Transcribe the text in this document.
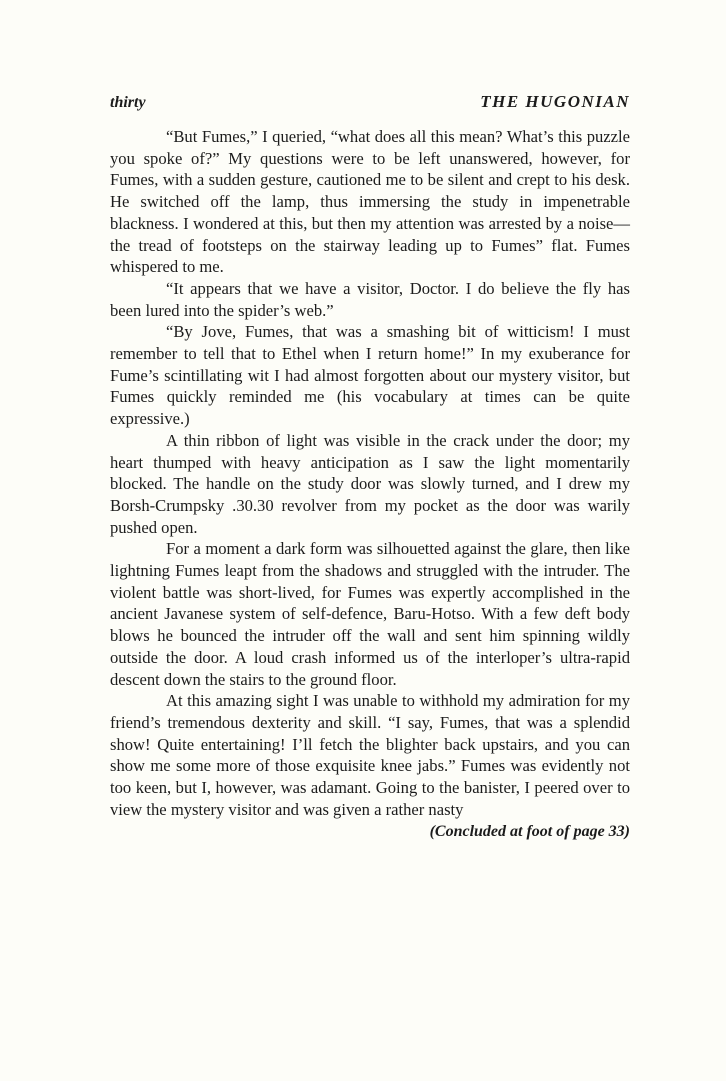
thirty	THE HUGONIAN

“But Fumes,” I queried, “what does all this mean? What’s this puzzle you spoke of?” My questions were to be left unanswered, however, for Fumes, with a sudden gesture, cautioned me to be silent and crept to his desk. He switched off the lamp, thus immersing the study in impenetrable blackness. I wondered at this, but then my attention was arrested by a noise—the tread of footsteps on the stairway leading up to Fumes” flat. Fumes whispered to me.

“It appears that we have a visitor, Doctor. I do believe the fly has been lured into the spider’s web.”

“By Jove, Fumes, that was a smashing bit of witticism! I must remember to tell that to Ethel when I return home!” In my exuberance for Fume’s scintillating wit I had almost forgotten about our mystery visitor, but Fumes quickly reminded me (his vocabulary at times can be quite expressive.)

A thin ribbon of light was visible in the crack under the door; my heart thumped with heavy anticipation as I saw the light momentarily blocked. The handle on the study door was slowly turned, and I drew my Borsh-Crumpsky .30.30 revolver from my pocket as the door was warily pushed open.

For a moment a dark form was silhouetted against the glare, then like lightning Fumes leapt from the shadows and struggled with the intruder. The violent battle was short-lived, for Fumes was expertly accomplished in the ancient Javanese system of self-defence, Baru-Hotso. With a few deft body blows he bounced the intruder off the wall and sent him spinning wildly outside the door. A loud crash informed us of the interloper’s ultra-rapid descent down the stairs to the ground floor.

At this amazing sight I was unable to withhold my admiration for my friend’s tremendous dexterity and skill. “I say, Fumes, that was a splendid show! Quite entertaining! I’ll fetch the blighter back upstairs, and you can show me some more of those exquisite knee jabs.” Fumes was evidently not too keen, but I, however, was adamant. Going to the banister, I peered over to view the mystery visitor and was given a rather nasty

(Concluded at foot of page 33)
